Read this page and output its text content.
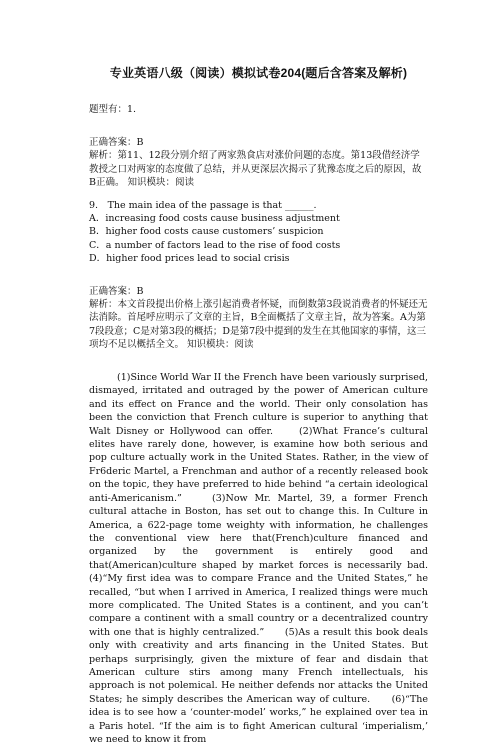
专业英语八级（阅读）模拟试卷204(题后含答案及解析)

题型有：1.

正确答案：B

解析：第11、12段分别介绍了两家熟食店对涨价问题的态度。第13段借经济学教授之口对两家的态度做了总结，并从更深层次揭示了犹豫态度之后的原因，故B正确。 知识模块：阅读

9.　The main idea of the passage is that ______.

A．increasing food costs cause business adjustment

B．higher food costs cause customers’ suspicion

C．a number of factors lead to the rise of food costs

D．higher food prices lead to social crisis

正确答案：B

解析：本文首段提出价格上涨引起消费者怀疑，而倒数第3段说消费者的怀疑还无法消除。首尾呼应明示了文章的主旨，B全面概括了文章主旨，故为答案。A为第7段段意；C是对第3段的概括；D是第7段中提到的发生在其他国家的事情，这三项均不足以概括全文。 知识模块：阅读

(1)Since World War II the French have been variously surprised, dismayed, irritated and outraged by the power of American culture and its effect on France and the world. Their only consolation has been the conviction that French culture is superior to anything that Walt Disney or Hollywood can offer.　　(2)What France’s cultural elites have rarely done, however, is examine how both serious and pop culture actually work in the United States. Rather, in the view of Fr6deric Martel, a Frenchman and author of a recently released book on the topic, they have preferred to hide behind “a certain ideological anti-Americanism.”　　(3)Now Mr. Martel, 39, a former French cultural attache in Boston, has set out to change this. In Culture in America, a 622-page tome weighty with information, he challenges the conventional view here that(French)culture financed and organized by the government is entirely good and that(American)culture shaped by market forces is necessarily bad.　　(4)“My first idea was to compare France and the United States,” he recalled, “but when I arrived in America, I realized things were much more complicated. The United States is a continent, and you can’t compare a continent with a small country or a decentralized country with one that is highly centralized.”　　(5)As a result this book deals only with creativity and arts financing in the United States. But perhaps surprisingly, given the mixture of fear and disdain that American culture stirs among many French intellectuals, his approach is not polemical. He neither defends nor attacks the United States; he simply describes the American way of culture.　　(6)“The idea is to see how a ‘counter-model’ works,” he explained over tea in a Paris hotel. “If the aim is to fight American cultural ‘imperialism,’ we need to know it from
